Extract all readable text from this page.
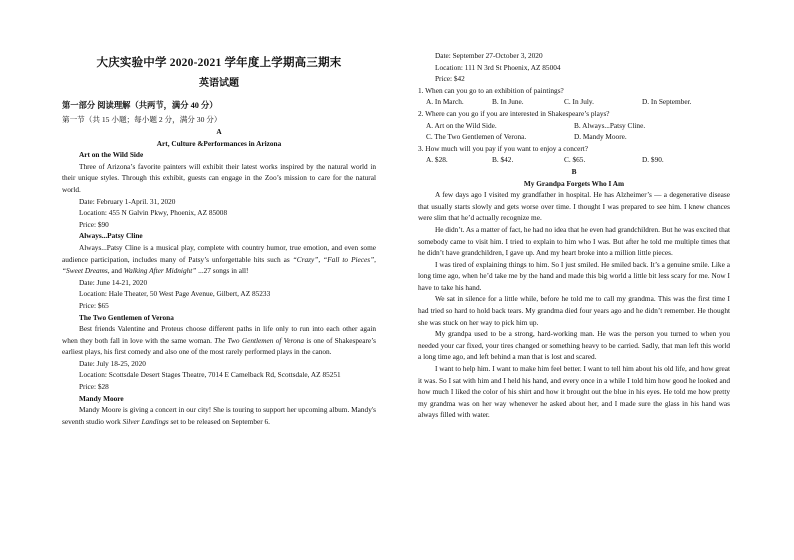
大庆实验中学 2020-2021 学年度上学期高三期末

英语试题

第一部分 阅读理解（共两节，满分 40 分）

第一节（共 15 小题；每小题 2 分，满分 30 分）

A

Art, Culture &Performances in Arizona

Art on the Wild Side

Three of Arizona’s favorite painters will exhibit their latest works inspired by the natural world in their unique styles. Through this exhibit, guests can engage in the Zoo’s mission to care for the natural world.

Date: February 1-April. 31, 2020

Location: 455 N Galvin Pkwy, Phoenix, AZ 85008

Price: $90

Always...Patsy Cline

Always...Patsy Cline is a musical play, complete with country humor, true emotion, and even some audience participation, includes many of Patsy’s unforgettable hits such as “Crazy”, “Fall to Pieces”, “Sweet Dreams, and Walking After Midnight” ...27 songs in all!

Date: June 14-21, 2020

Location: Hale Theater, 50 West Page Avenue, Gilbert, AZ 85233

Price: $65

The Two Gentlemen of Verona

Best friends Valentine and Proteus choose different paths in life only to run into each other again when they both fall in love with the same woman. The Two Gentlemen of Verona is one of Shakespeare’s earliest plays, his first comedy and also one of the most rarely performed plays in the canon.

Date: July 18-25, 2020

Location: Scottsdale Desert Stages Theatre, 7014 E Camelback Rd, Scottsdale, AZ 85251

Price: $28

Mandy Moore

Mandy Moore is giving a concert in our city! She is touring to support her upcoming album. Mandy's seventh studio work Silver Landings set to be released on September 6.

Date: September 27-October 3, 2020

Location: 111 N 3rd St Phoenix, AZ 85004

Price: $42

1. When can you go to an exhibition of paintings?

A. In March.	B. In June.	C. In July.	D. In September.

2. Where can you go if you are interested in Shakespeare’s plays?

A. Art on the Wild Side.	B. Always...Patsy Cline.
C. The Two Gentlemen of Verona.	D. Mandy Moore.

3. How much will you pay if you want to enjoy a concert?

A. $28.	B. $42.	C. $65.	D. $90.

B

My Grandpa Forgets Who I Am

A few days ago I visited my grandfather in hospital. He has Alzheimer’s — a degenerative disease that usually starts slowly and gets worse over time. I thought I was prepared to see him. I knew chances were slim that he’d actually recognize me.

He didn’t. As a matter of fact, he had no idea that he even had grandchildren. But he was excited that somebody came to visit him. I tried to explain to him who I was. But after he told me multiple times that he didn’t have grandchildren, I gave up. And my heart broke into a million little pieces.

I was tired of explaining things to him. So I just smiled. He smiled back. It’s a genuine smile. Like a long time ago, when he’d take me by the hand and made this big world a little bit less scary for me. Now I have to take his hand.

We sat in silence for a little while, before he told me to call my grandma. This was the first time I had tried so hard to hold back tears. My grandma died four years ago and he didn’t remember. He thought she was stuck on her way to pick him up.

My grandpa used to be a strong, hard-working man. He was the person you turned to when you needed your car fixed, your tires changed or something heavy to be carried. Sadly, that man left this world a long time ago, and left behind a man that is lost and scared.

I want to help him. I want to make him feel better. I want to tell him about his old life, and how great it was. So I sat with him and I held his hand, and every once in a while I told him how good he looked and how much I liked the color of his shirt and how it brought out the blue in his eyes. He told me how pretty my grandma was on her way whenever he asked about her, and I made sure the glass in his hand was always filled with water.
